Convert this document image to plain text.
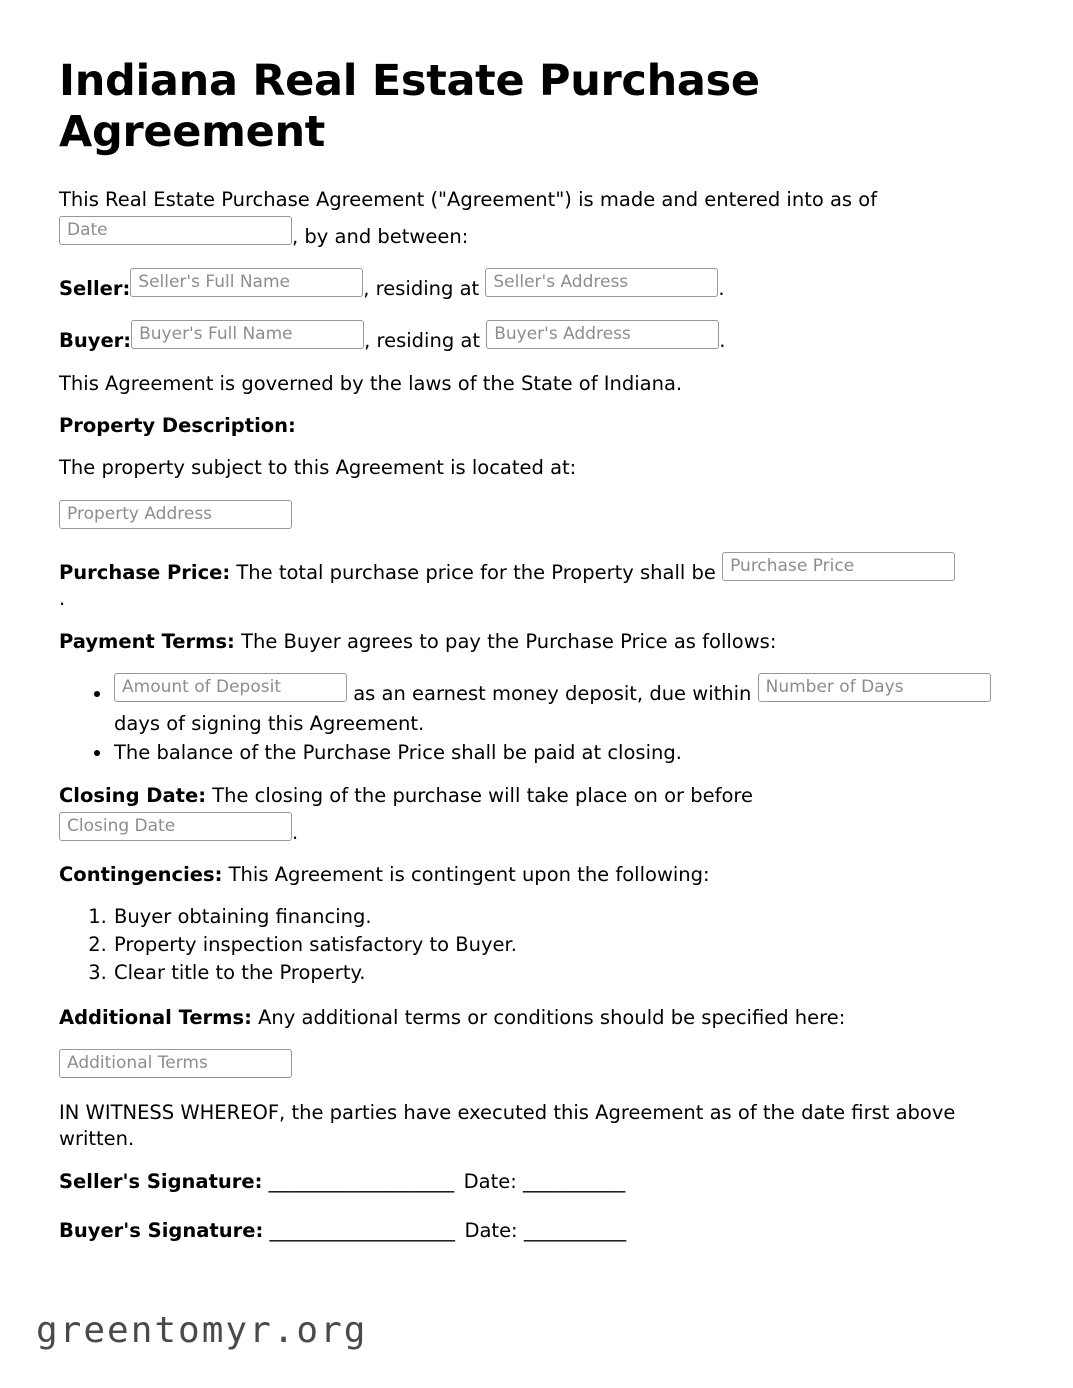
Indiana Real Estate Purchase Agreement

This Real Estate Purchase Agreement ("Agreement") is made and entered into as of Date	, by and between:

Seller: Seller's Full Name	, residing at Seller's Address	.

Buyer: Buyer's Full Name	, residing at Buyer's Address	.

This Agreement is governed by the laws of the State of Indiana.

Property Description:

The property subject to this Agreement is located at:

Property Address

Purchase Price: The total purchase price for the Property shall be Purchase Price.

Payment Terms: The Buyer agrees to pay the Purchase Price as follows:

• Amount of Deposit	as an earnest money deposit, due within Number of Days days of signing this Agreement.
• The balance of the Purchase Price shall be paid at closing.

Closing Date: The closing of the purchase will take place on or before Closing Date	.

Contingencies: This Agreement is contingent upon the following:

1. Buyer obtaining financing.
2. Property inspection satisfactory to Buyer.
3. Clear title to the Property.

Additional Terms: Any additional terms or conditions should be specified here:

Additional Terms

IN WITNESS WHEREOF, the parties have executed this Agreement as of the date first above written.

Seller's Signature: ____________________ Date: ___________

Buyer's Signature: ____________________ Date: ___________

greentomyr.org
